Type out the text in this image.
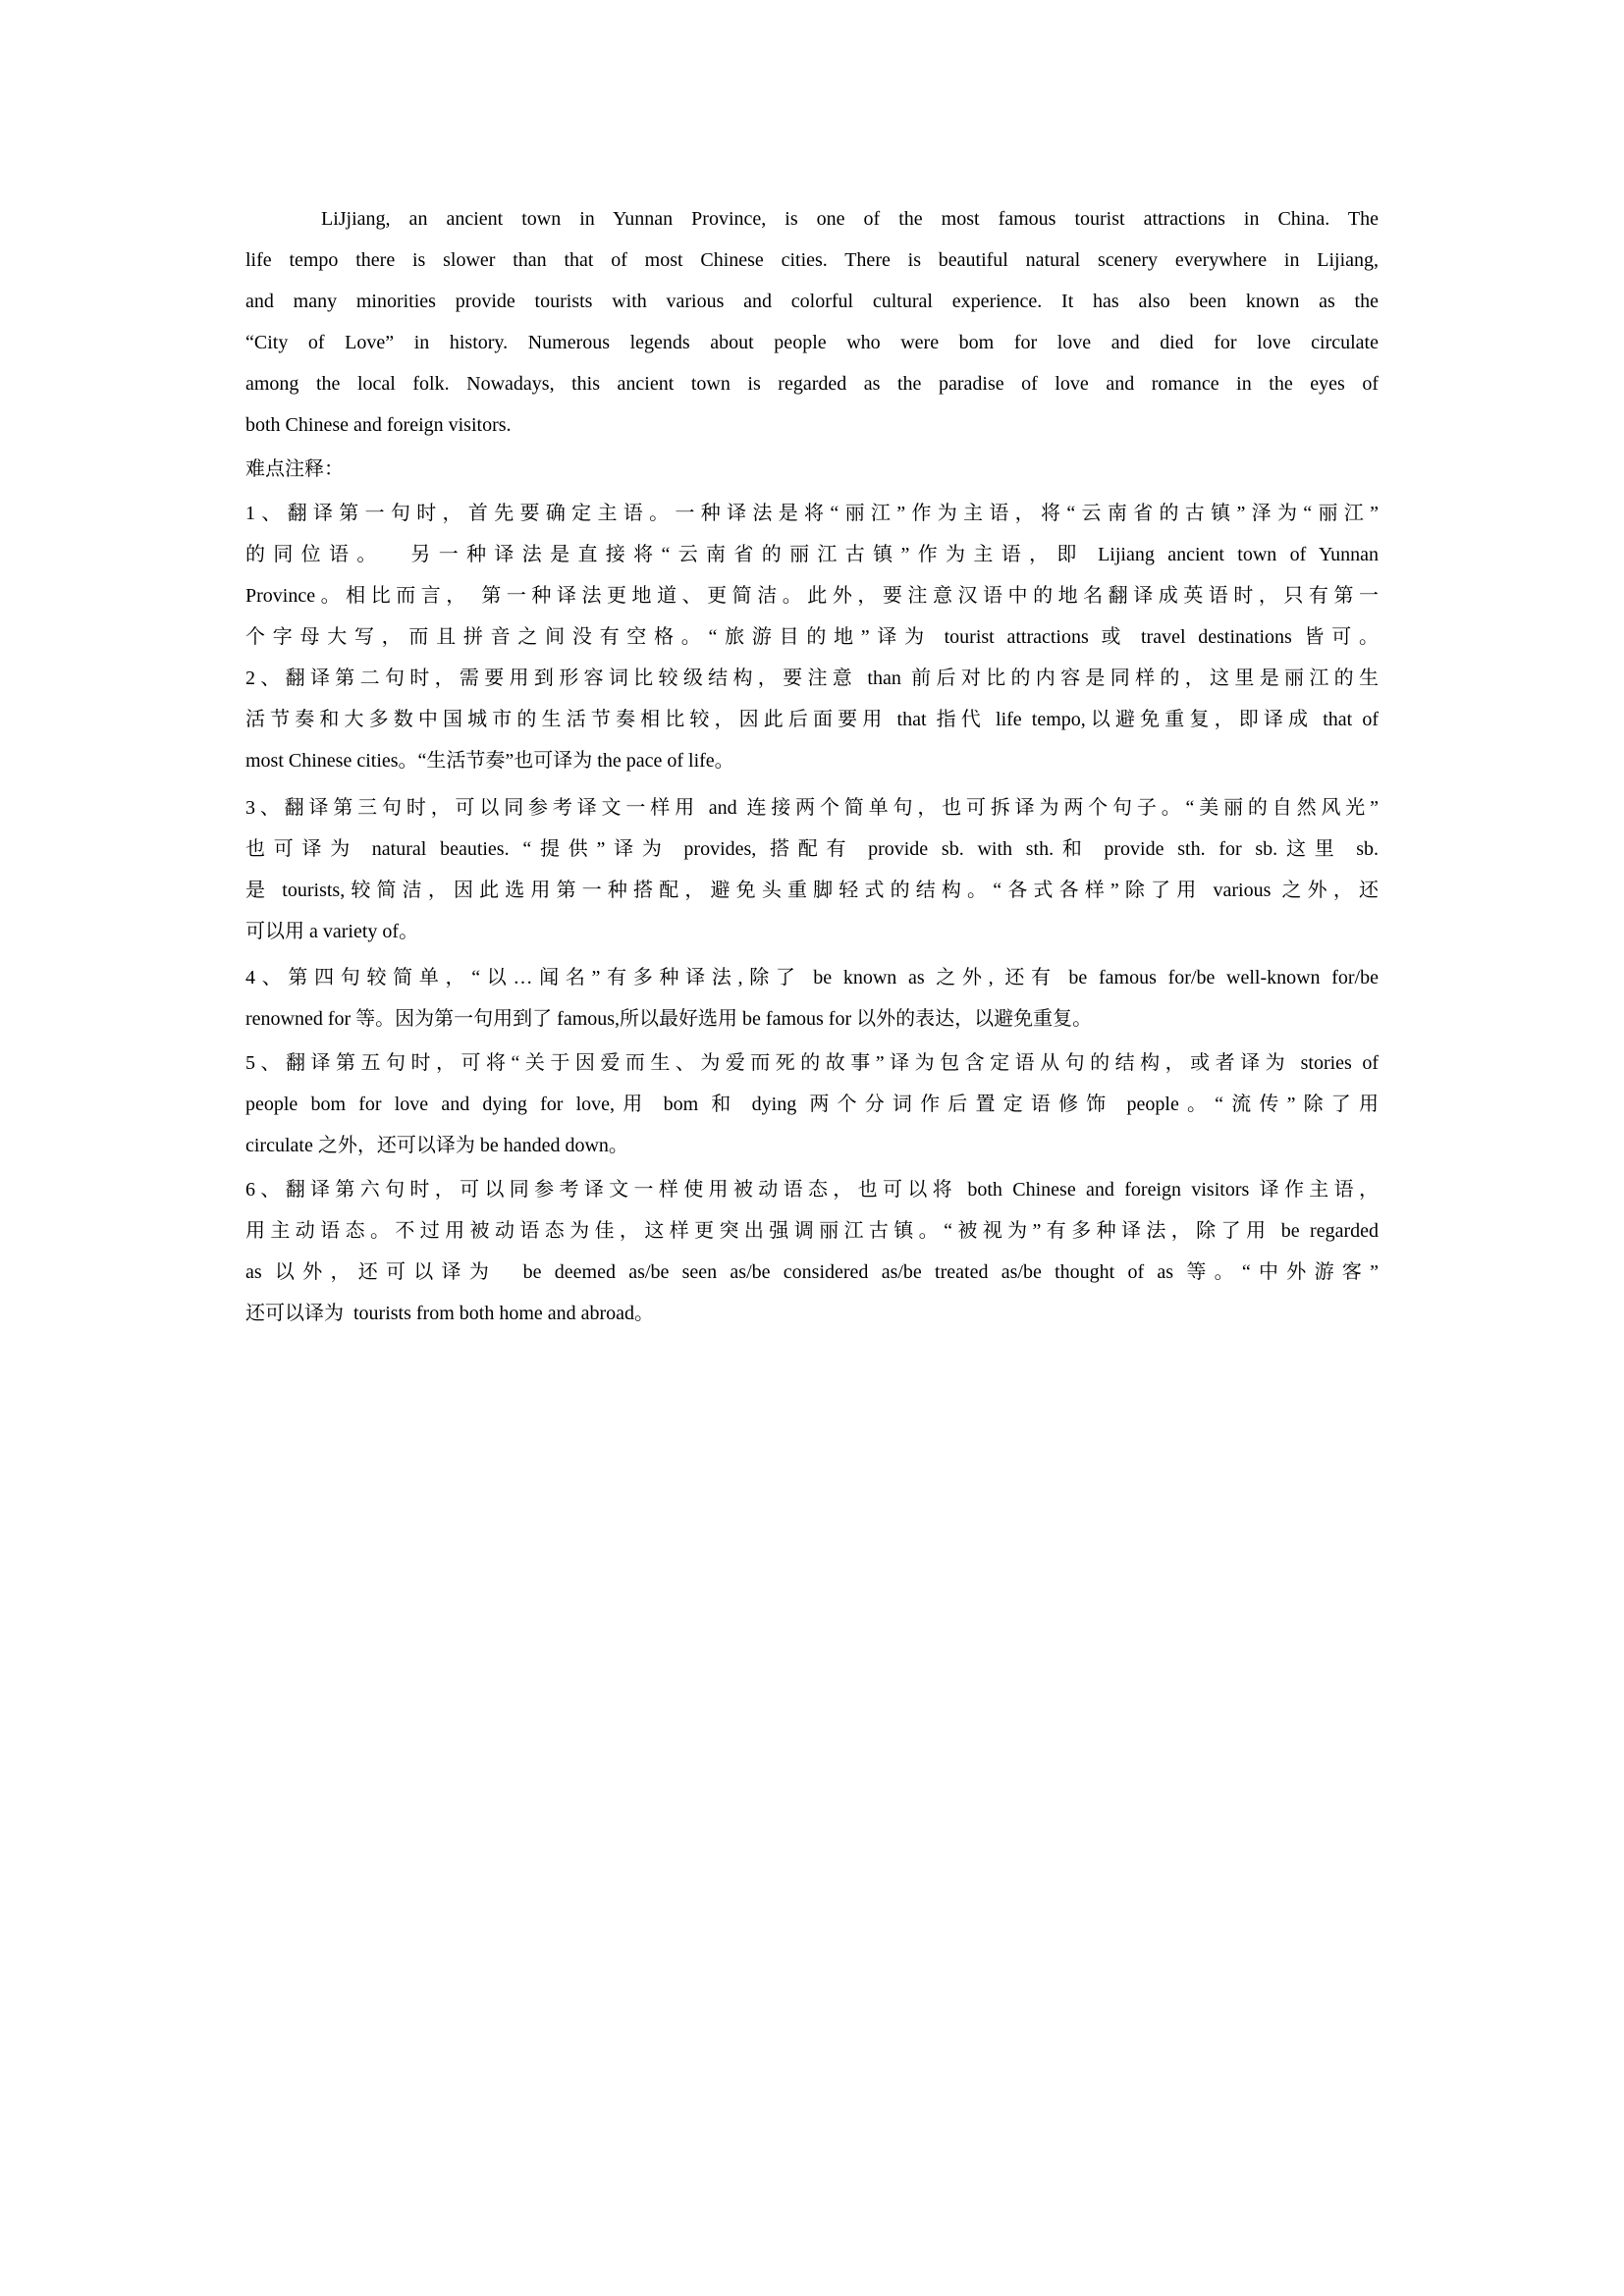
LiJjiang, an ancient town in Yunnan Province, is one of the most famous tourist attractions in China. The
life tempo there is slower than that of most Chinese cities. There is beautiful natural scenery everywhere in Lijiang,
and many minorities provide tourists with various and colorful cultural experience. It has also been known as the
“City of Love” in history. Numerous legends about people who were bom for love and died for love circulate
among the local folk. Nowadays, this ancient town is regarded as the paradise of love and romance in the eyes of
both Chinese and foreign visitors.
难点注释：
1、翻译第一句时，首先要确定主语。一种译法是将“丽江”作为主语，将“云南省的古镇”泽为“丽江”
的同位语。  另一种译法是直接将“云南省的丽江古镇”作为主语，即 Lijiang ancient town of Yunnan
Province。相比而言， 第一种译法更地道、更简洁。此外，要注意汉语中的地名翻译成英语时，只有第一
个字母大写，而且拼音之间没有空格。“旅游目的地”译为 tourist attractions 或 travel destinations 皆可。
2、翻译第二句时，需要用到形容词比较级结构，要注意 than 前后对比的内容是同样的，这里是丽江的生
活节奏和大多数中国城市的生活节奏相比较，因此后面要用 that 指代 life tempo,以避免重复，即译成 that of
most Chinese cities。“生活节奏”也可译为 the pace of life。
3、翻译第三句时，可以同参考译文一样用 and 连接两个简单句，也可拆译为两个句子。“美丽的自然风光”
也可译为 natural beauties. “提供”译为 provides, 搭配有 provide sb. with sth.和 provide sth. for sb.这里 sb.
是 tourists,较简洁，因此选用第一种搭配，避免头重脚轻式的结构。“各式各样”除了用 various 之外，还
可以用 a variety of。
4、第四句较简单，“以…闻名”有多种译法,除了 be known as 之外, 还有 be famous for/be well-known for/be
renowned for 等。因为第一句用到了 famous,所以最好选用 be famous for 以外的表达，以避免重复。
5、翻译第五句时，可将“关于因爱而生、为爱而死的故事”译为包含定语从句的结构，或者译为 stories of
people bom for love and dying for love,用 bom 和 dying 两个分词作后置定语修饰 people。“流传”除了用
circulate 之外，还可以译为 be handed down。
6、翻译第六句时，可以同参考译文一样使用被动语态，也可以将 both Chinese and foreign visitors 译作主语，
用主动语态。不过用被动语态为佳，这样更突出强调丽江古镇。“被视为”有多种译法，除了用 be regarded
as 以外，还可以译为  be deemed as/be seen as/be considered as/be treated as/be thought of as 等。“中外游客”
还可以译为  tourists from both home and abroad。
